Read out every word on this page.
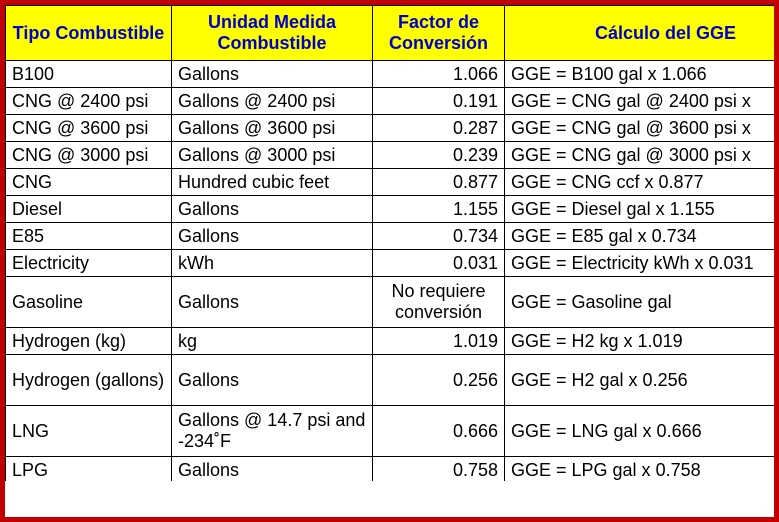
Tipo Combustible	Unidad Medida Combustible	Factor de Conversión	Cálculo del GGE
B100	Gallons	1.066	GGE = B100 gal x 1.066
CNG @ 2400 psi	Gallons @ 2400 psi	0.191	GGE = CNG gal @ 2400 psi x
CNG @ 3600 psi	Gallons @ 3600 psi	0.287	GGE = CNG gal @ 3600 psi x
CNG @ 3000 psi	Gallons @ 3000 psi	0.239	GGE = CNG gal @ 3000 psi x
CNG	Hundred cubic feet	0.877	GGE = CNG ccf x 0.877
Diesel	Gallons	1.155	GGE = Diesel gal x 1.155
E85	Gallons	0.734	GGE = E85 gal x 0.734
Electricity	kWh	0.031	GGE = Electricity kWh x 0.031
Gasoline	Gallons	No requiere conversión	GGE = Gasoline gal
Hydrogen (kg)	kg	1.019	GGE = H2 kg x 1.019
Hydrogen (gallons)	Gallons	0.256	GGE = H2 gal x 0.256
LNG	Gallons @ 14.7 psi and -234˚F	0.666	GGE = LNG gal x 0.666
LPG	Gallons	0.758	GGE = LPG gal x 0.758
